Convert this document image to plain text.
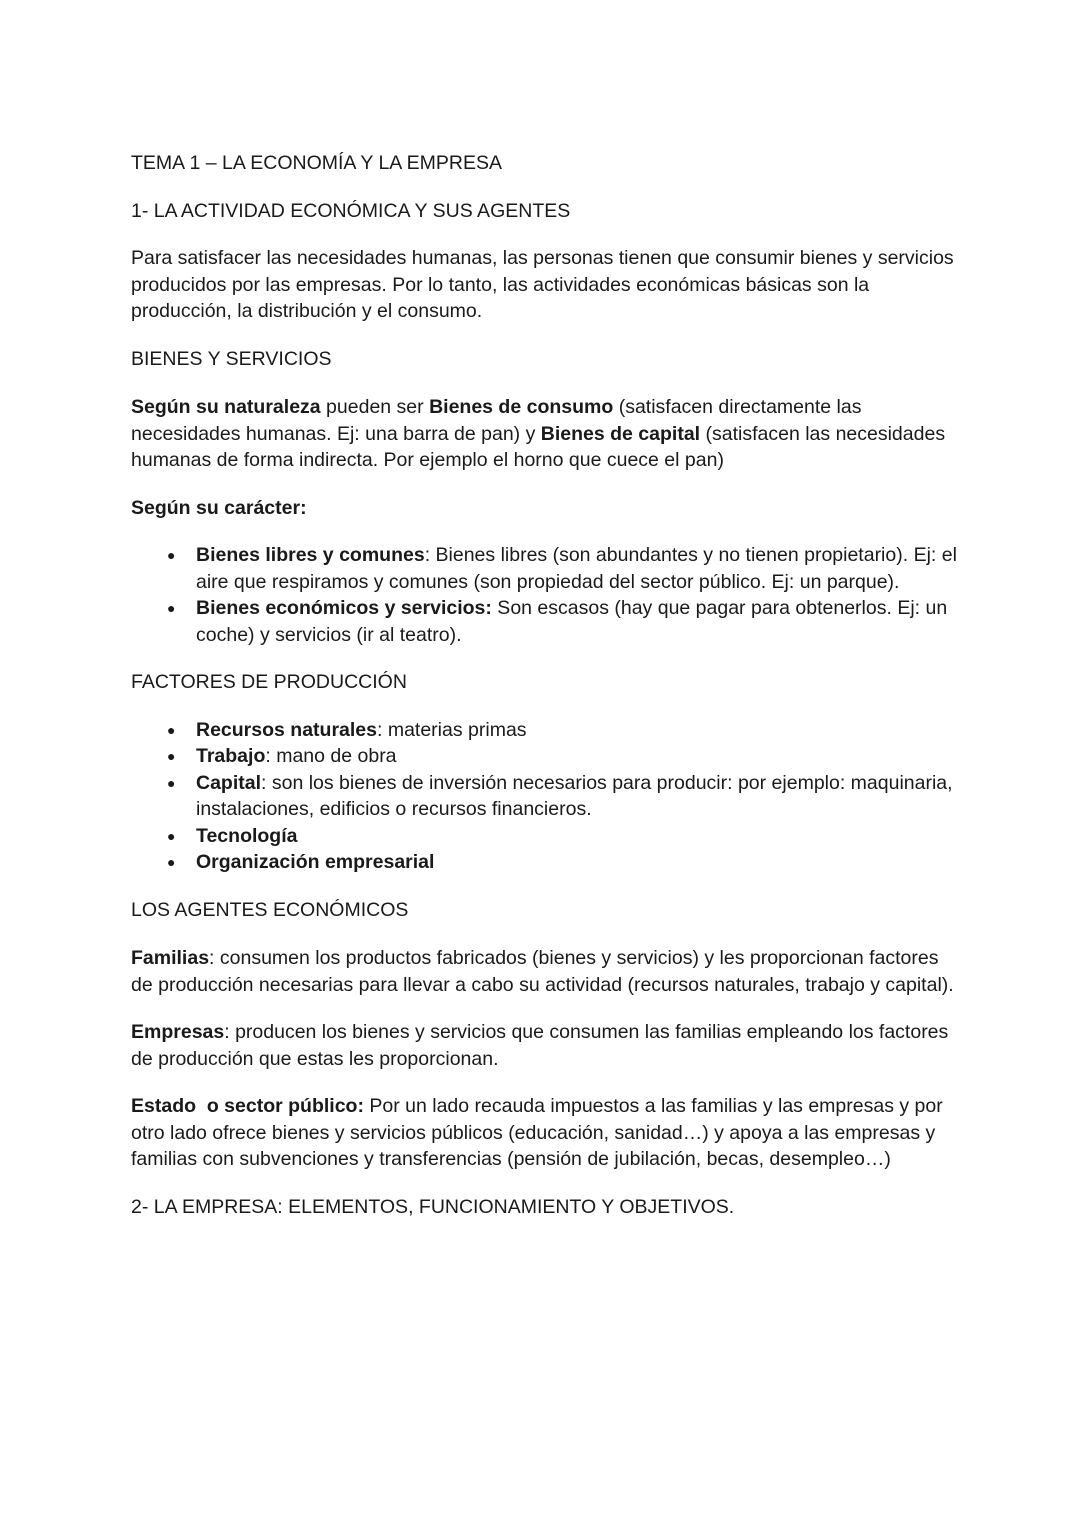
TEMA 1 – LA ECONOMÍA Y LA EMPRESA

1- LA ACTIVIDAD ECONÓMICA Y SUS AGENTES

Para satisfacer las necesidades humanas, las personas tienen que consumir bienes y servicios producidos por las empresas. Por lo tanto, las actividades económicas básicas son la producción, la distribución y el consumo.

BIENES Y SERVICIOS

Según su naturaleza pueden ser Bienes de consumo (satisfacen directamente las necesidades humanas. Ej: una barra de pan) y Bienes de capital (satisfacen las necesidades humanas de forma indirecta. Por ejemplo el horno que cuece el pan)

Según su carácter:

● Bienes libres y comunes: Bienes libres (son abundantes y no tienen propietario). Ej: el aire que respiramos y comunes (son propiedad del sector público. Ej: un parque).
● Bienes económicos y servicios: Son escasos (hay que pagar para obtenerlos. Ej: un coche) y servicios (ir al teatro).

FACTORES DE PRODUCCIÓN

● Recursos naturales: materias primas
● Trabajo: mano de obra
● Capital: son los bienes de inversión necesarios para producir: por ejemplo: maquinaria, instalaciones, edificios o recursos financieros.
● Tecnología
● Organización empresarial

LOS AGENTES ECONÓMICOS

Familias: consumen los productos fabricados (bienes y servicios) y les proporcionan factores de producción necesarias para llevar a cabo su actividad (recursos naturales, trabajo y capital).

Empresas: producen los bienes y servicios que consumen las familias empleando los factores de producción que estas les proporcionan.

Estado  o sector público: Por un lado recauda impuestos a las familias y las empresas y por otro lado ofrece bienes y servicios públicos (educación, sanidad…) y apoya a las empresas y familias con subvenciones y transferencias (pensión de jubilación, becas, desempleo…)

2- LA EMPRESA: ELEMENTOS, FUNCIONAMIENTO Y OBJETIVOS.
